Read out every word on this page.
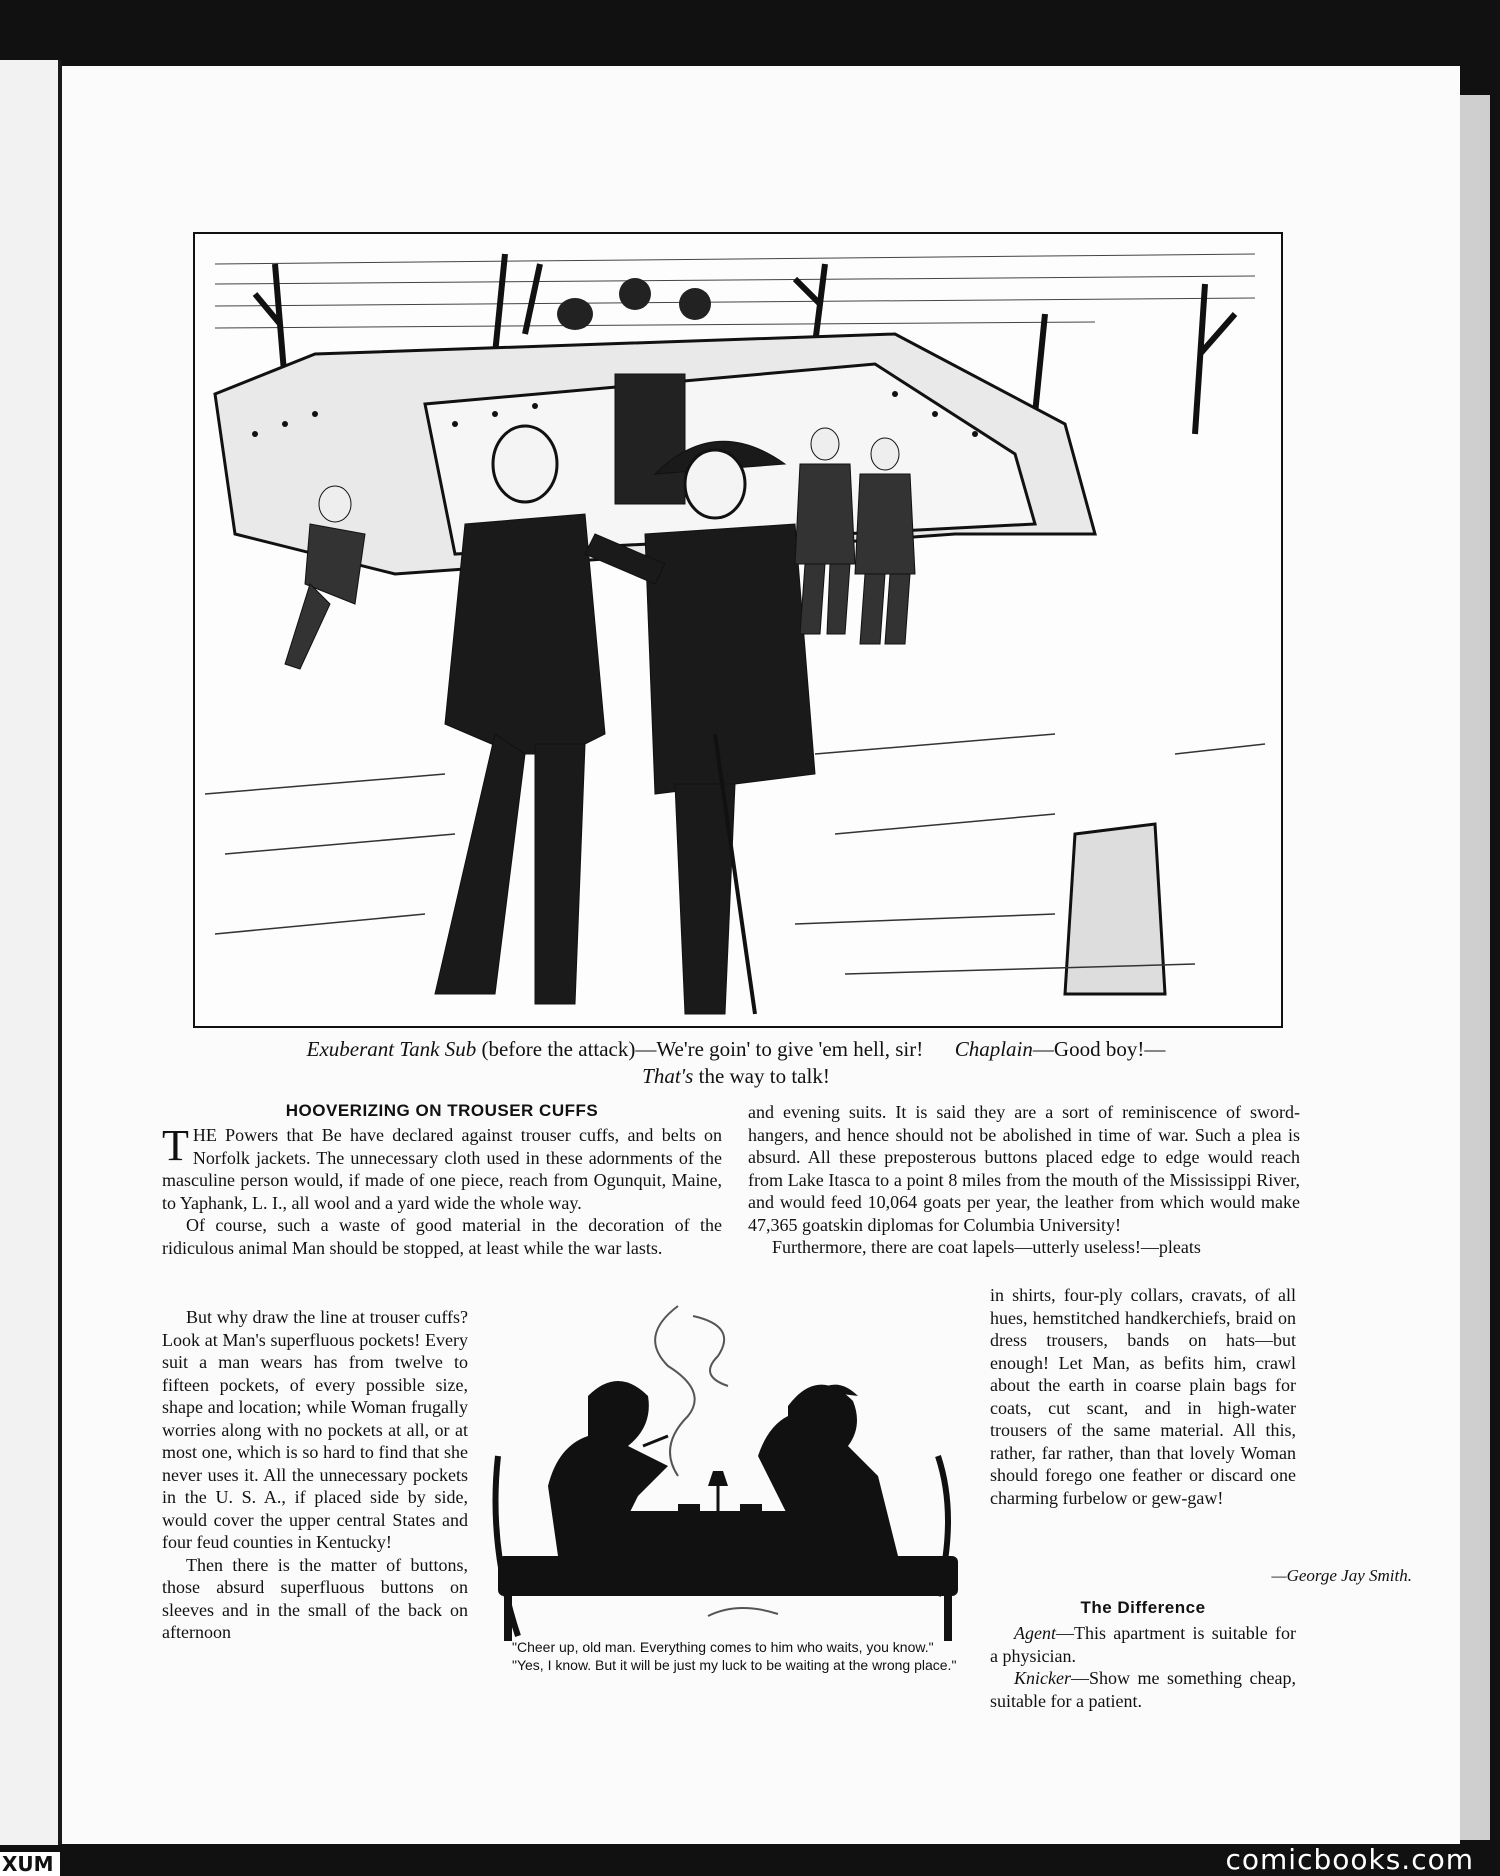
comicbooks.com
XUM
Exuberant Tank Sub (before the attack)—We're goin' to give 'em hell, sir! Chaplain—Good boy!—
That's the way to talk!
HOOVERIZING ON TROUSER CUFFS

THE Powers that Be have declared against trouser cuffs, and belts on Norfolk jackets. The unnecessary cloth used in these adornments of the masculine person would, if made of one piece, reach from Ogunquit, Maine, to Yaphank, L. I., all wool and a yard wide the whole way.

Of course, such a waste of good material in the decoration of the ridiculous animal Man should be stopped, at least while the war lasts.

But why draw the line at trouser cuffs? Look at Man's superfluous pockets! Every suit a man wears has from twelve to fifteen pockets, of every possible size, shape and location; while Woman frugally worries along with no pockets at all, or at most one, which is so hard to find that she never uses it. All the unnecessary pockets in the U. S. A., if placed side by side, would cover the upper central States and four feud counties in Kentucky!

Then there is the matter of buttons, those absurd superfluous buttons on sleeves and in the small of the back on afternoon

and evening suits. It is said they are a sort of reminiscence of sword-hangers, and hence should not be abolished in time of war. Such a plea is absurd. All these preposterous buttons placed edge to edge would reach from Lake Itasca to a point 8 miles from the mouth of the Mississippi River, and would feed 10,064 goats per year, the leather from which would make 47,365 goatskin diplomas for Columbia University!

Furthermore, there are coat lapels—utterly useless!—pleats

in shirts, four-ply collars, cravats, of all hues, hemstitched handkerchiefs, braid on dress trousers, bands on hats—but enough! Let Man, as befits him, crawl about the earth in coarse plain bags for coats, cut scant, and in high-water trousers of the same material. All this, rather, far rather, than that lovely Woman should forego one feather or discard one charming furbelow or gew-gaw!

—George Jay Smith.

"Cheer up, old man. Everything comes to him who waits, you know."

"Yes, I know. But it will be just my luck to be waiting at the wrong place."

The Difference

Agent—This apartment is suitable for a physician.

Knicker—Show me something cheap, suitable for a patient.
